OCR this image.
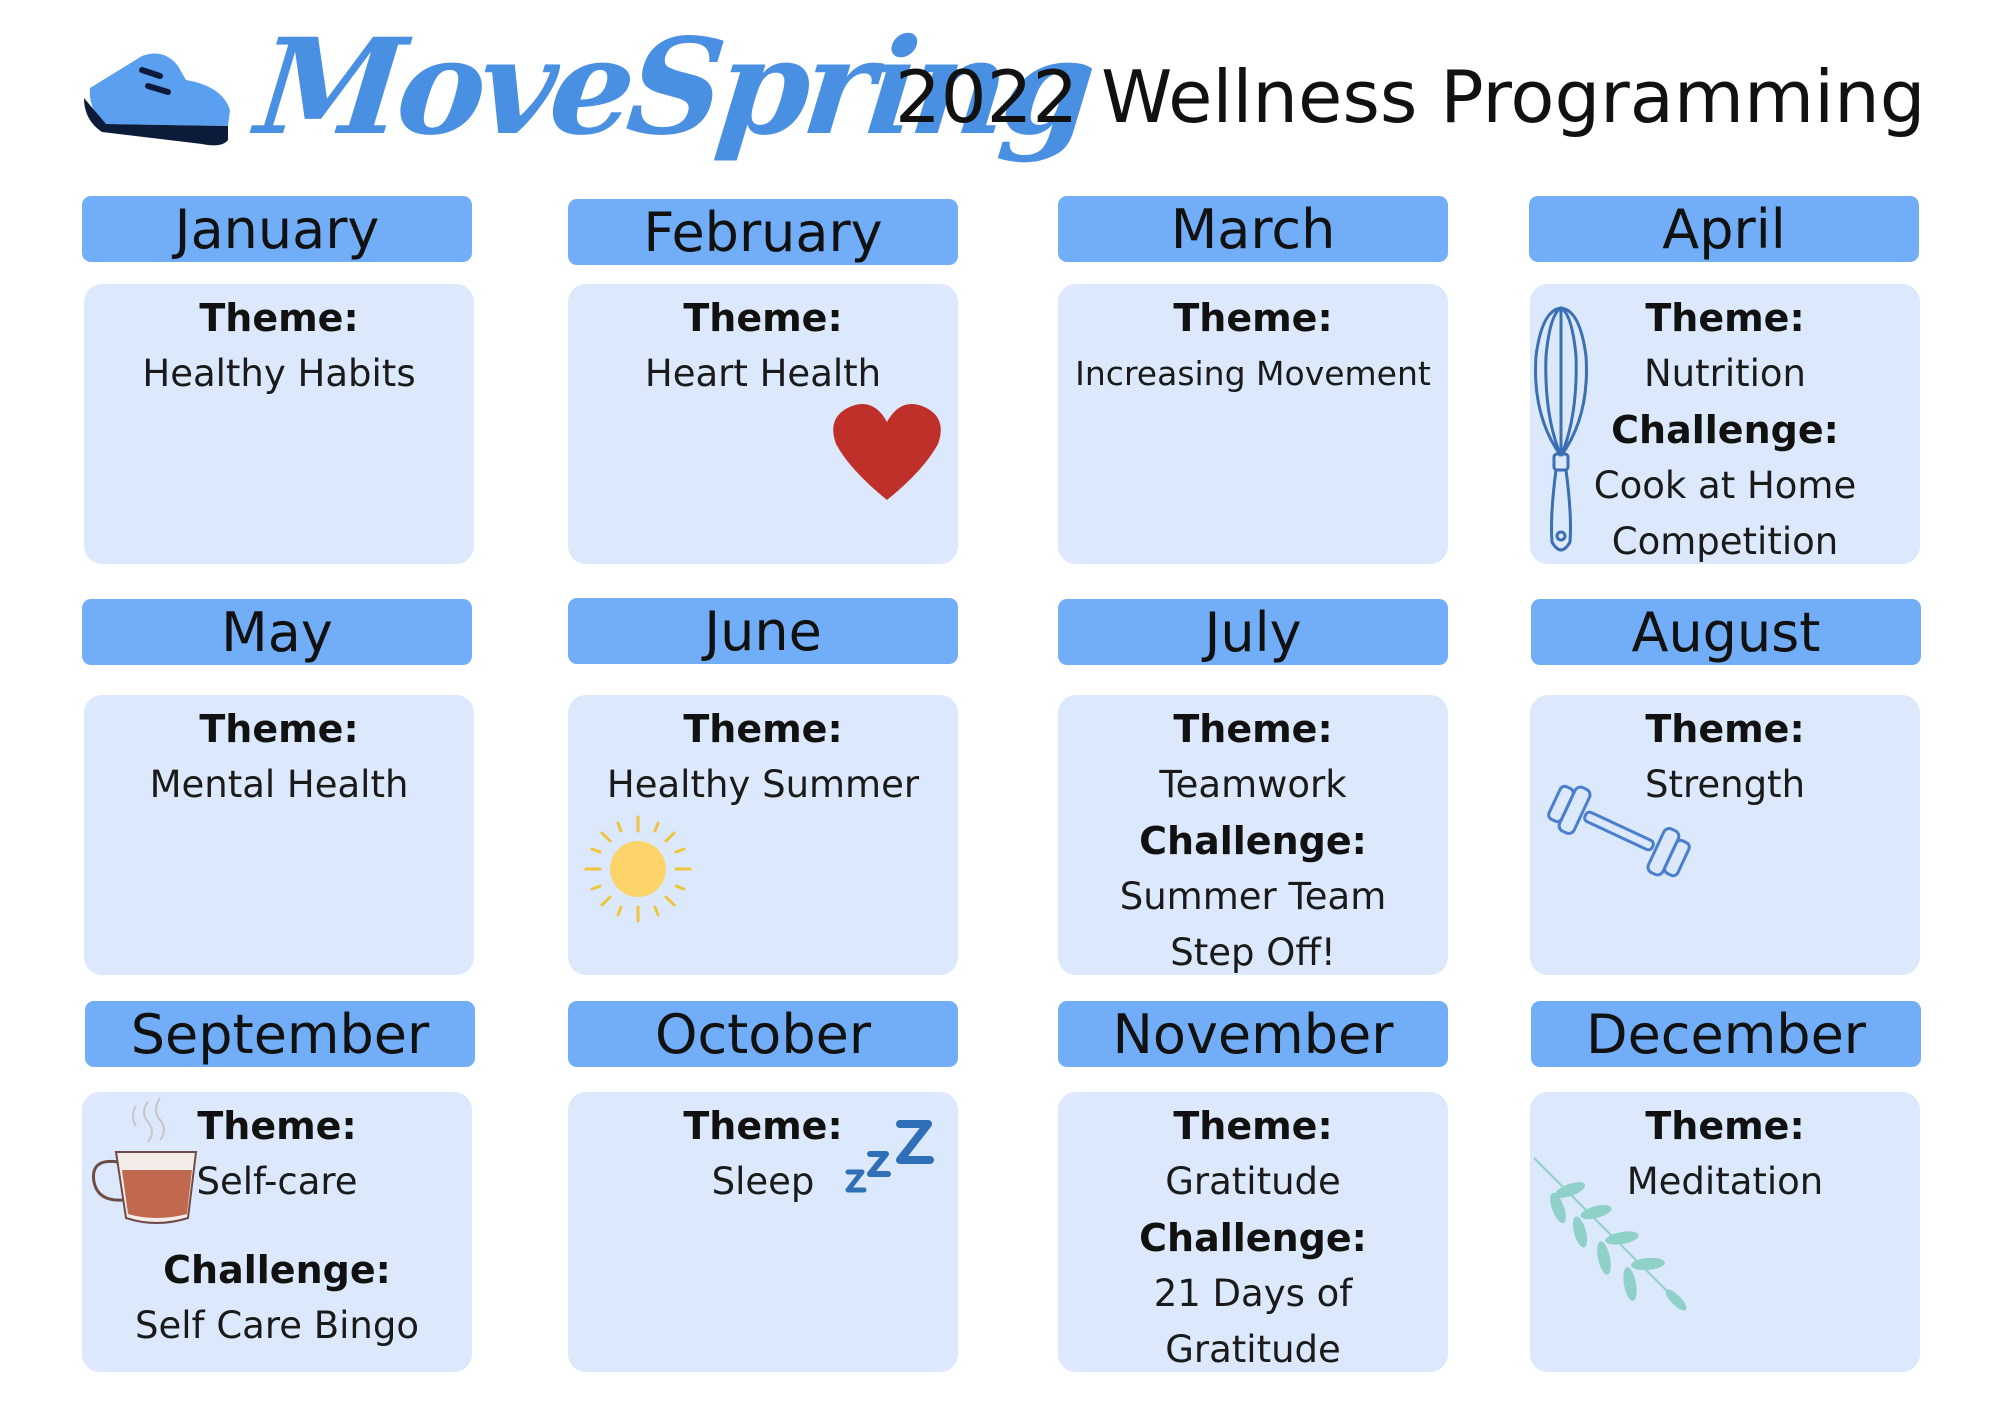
MoveSpring
2022 Wellness Programming
January
Theme:
Healthy Habits
February
Theme:
Heart Health
March
Theme:
Increasing Movement
April
Theme:
Nutrition
Challenge:
Cook at Home
Competition
May
Theme:
Mental Health
June
Theme:
Healthy Summer
July
Theme:
Teamwork
Challenge:
Summer Team
Step Off!
August
Theme:
Strength
September
Theme:
Self-care
Challenge:
Self Care Bingo
October
Theme:
Sleep
November
Theme:
Gratitude
Challenge:
21 Days of
Gratitude
December
Theme:
Meditation
